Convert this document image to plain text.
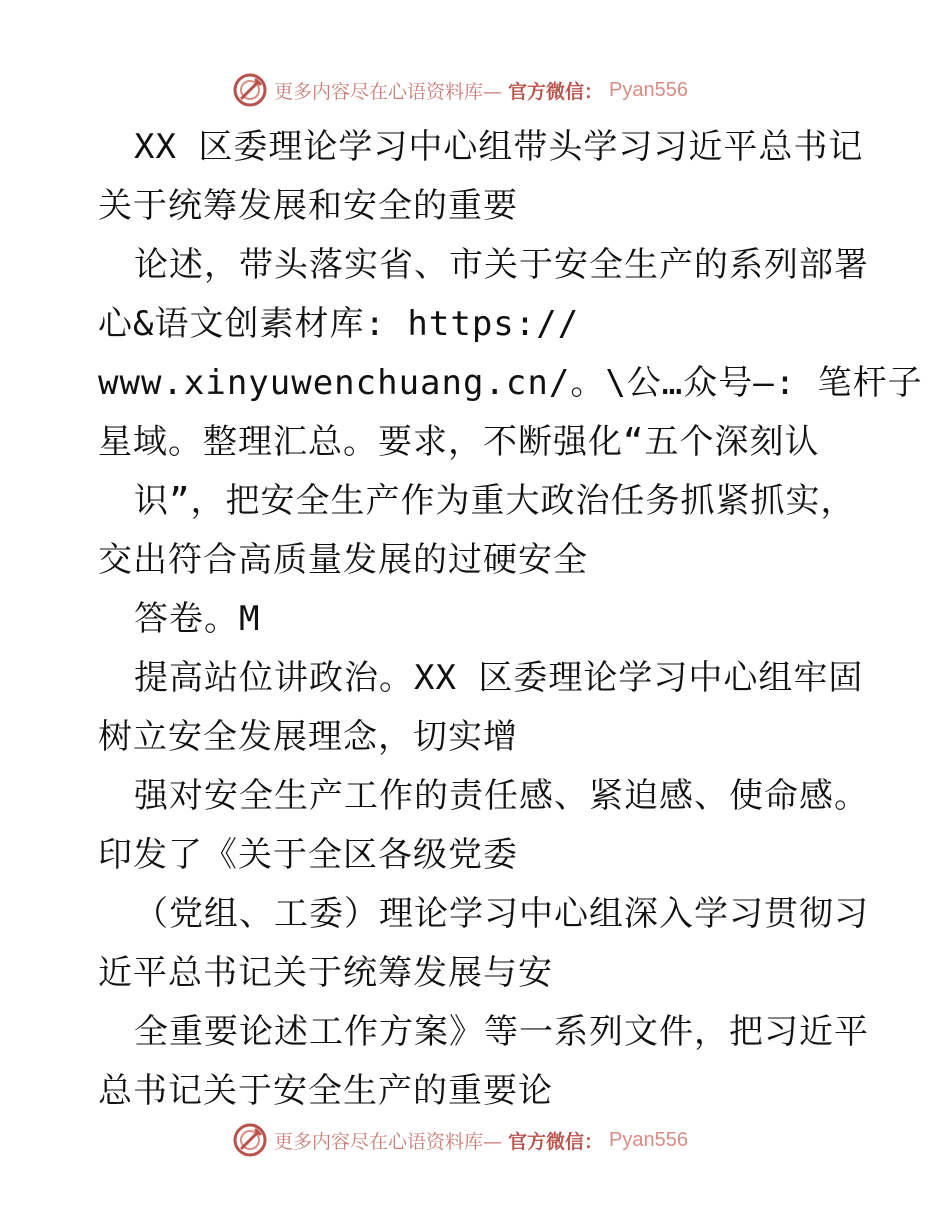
更多内容尽在心语资料库— 官方微信： Pyan556
XX 区委理论学习中心组带头学习习近平总书记
关于统筹发展和安全的重要
论述，带头落实省、市关于安全生产的系列部署
心&语文创素材库: https://
www.xinyuwenchuang.cn/。\公…众号—: 笔杆子
星域。整理汇总。要求，不断强化“五个深刻认
识”，把安全生产作为重大政治任务抓紧抓实，
交出符合高质量发展的过硬安全
答卷。M
提高站位讲政治。XX 区委理论学习中心组牢固
树立安全发展理念，切实增
强对安全生产工作的责任感、紧迫感、使命感。
印发了《关于全区各级党委
（党组、工委）理论学习中心组深入学习贯彻习
近平总书记关于统筹发展与安
全重要论述工作方案》等一系列文件，把习近平
总书记关于安全生产的重要论
更多内容尽在心语资料库— 官方微信： Pyan556
